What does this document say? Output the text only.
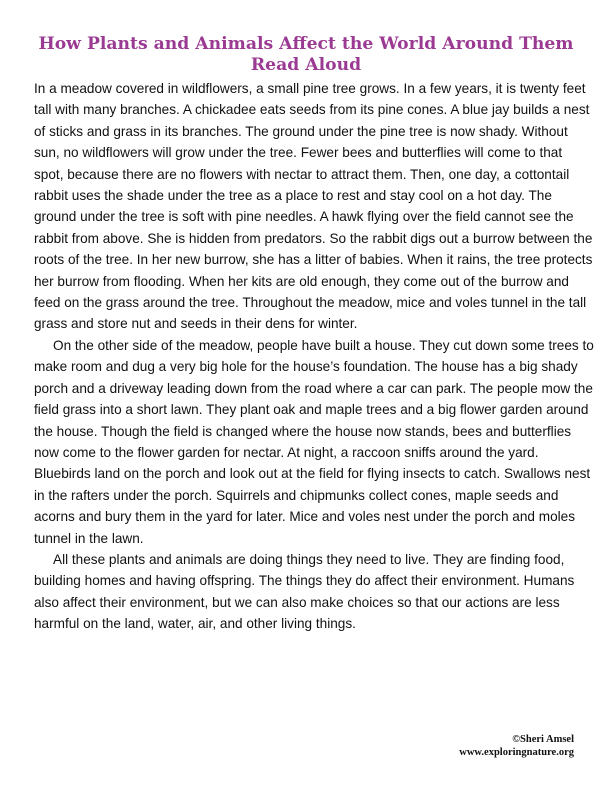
How Plants and Animals Affect the World Around Them
Read Aloud

In a meadow covered in wildflowers, a small pine tree grows. In a few years, it is twenty feet tall with many branches. A chickadee eats seeds from its pine cones. A blue jay builds a nest of sticks and grass in its branches. The ground under the pine tree is now shady. Without sun, no wildflowers will grow under the tree. Fewer bees and butterflies will come to that spot, because there are no flowers with nectar to attract them. Then, one day, a cottontail rabbit uses the shade under the tree as a place to rest and stay cool on a hot day. The ground under the tree is soft with pine needles. A hawk flying over the field cannot see the rabbit from above. She is hidden from predators. So the rabbit digs out a burrow between the roots of the tree. In her new burrow, she has a litter of babies. When it rains, the tree protects her burrow from flooding. When her kits are old enough, they come out of the burrow and feed on the grass around the tree. Throughout the meadow, mice and voles tunnel in the tall grass and store nut and seeds in their dens for winter.

On the other side of the meadow, people have built a house. They cut down some trees to make room and dug a very big hole for the house’s foundation. The house has a big shady porch and a driveway leading down from the road where a car can park. The people mow the field grass into a short lawn. They plant oak and maple trees and a big flower garden around the house. Though the field is changed where the house now stands, bees and butterflies now come to the flower garden for nectar. At night, a raccoon sniffs around the yard. Bluebirds land on the porch and look out at the field for flying insects to catch. Swallows nest in the rafters under the porch. Squirrels and chipmunks collect cones, maple seeds and acorns and bury them in the yard for later. Mice and voles nest under the porch and moles tunnel in the lawn.

All these plants and animals are doing things they need to live. They are finding food, building homes and having offspring. The things they do affect their environment. Humans also affect their environment, but we can also make choices so that our actions are less harmful on the land, water, air, and other living things.

©Sheri Amsel
www.exploringnature.org
